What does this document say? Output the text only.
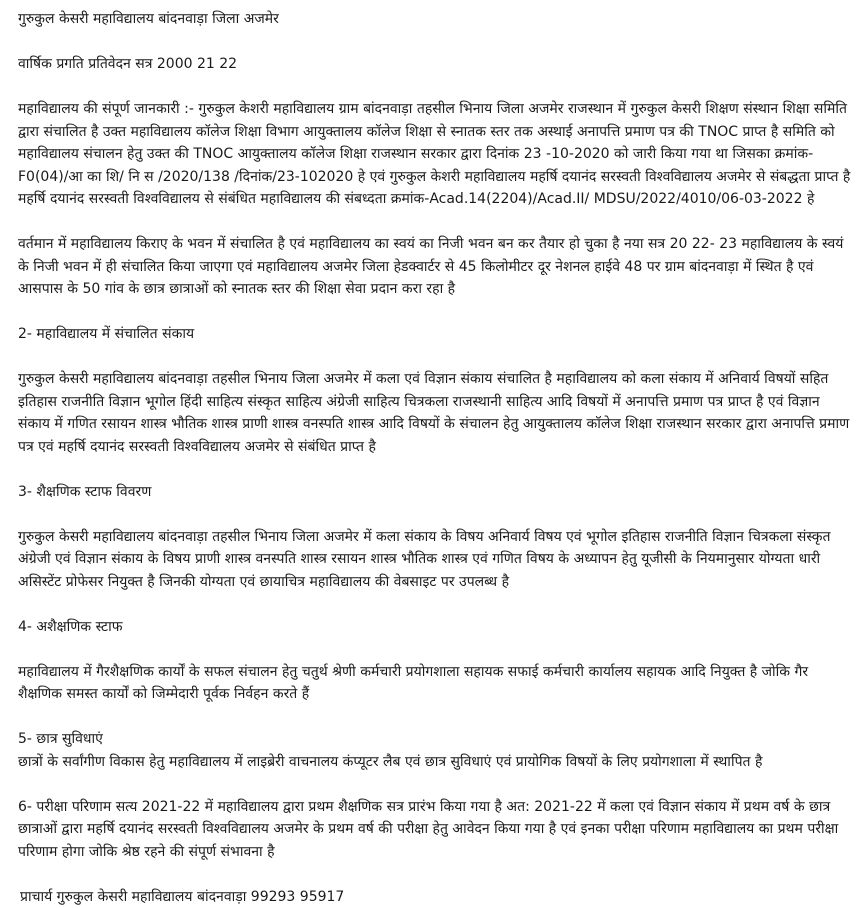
गुरुकुल केसरी महाविद्यालय बांदनवाड़ा जिला अजमेर

वार्षिक प्रगति प्रतिवेदन सत्र 2000 21 22

महाविद्यालय की संपूर्ण जानकारी :- गुरुकुल केशरी महाविद्यालय ग्राम बांदनवाड़ा तहसील भिनाय जिला अजमेर राजस्थान में गुरुकुल केसरी शिक्षण संस्थान शिक्षा समिति द्वारा संचालित है उक्त महाविद्यालय कॉलेज शिक्षा विभाग आयुक्तालय कॉलेज शिक्षा से स्नातक स्तर तक अस्थाई अनापत्ति प्रमाण पत्र की TNOC प्राप्त है समिति को महाविद्यालय संचालन हेतु उक्त की TNOC आयुक्तालय कॉलेज शिक्षा राजस्थान सरकार द्वारा दिनांक 23 -10-2020 को जारी किया गया था जिसका क्रमांक- F0(04)/आ का शि/ नि स /2020/138 /दिनांक/23-102020 हे एवं गुरुकुल केशरी महाविद्यालय महर्षि दयानंद सरस्वती विश्वविद्यालय अजमेर से संबद्धता प्राप्त है महर्षि दयानंद सरस्वती विश्वविद्यालय से संबंधित महाविद्यालय की संबध्दता क्रमांक-Acad.14(2204)/Acad.II/ MDSU/2022/4010/06-03-2022 हे

वर्तमान में महाविद्यालय किराए के भवन में संचालित है एवं महाविद्यालय का स्वयं का निजी भवन बन कर तैयार हो चुका है नया सत्र 20 22- 23 महाविद्यालय के स्वयं के निजी भवन में ही संचालित किया जाएगा एवं महाविद्यालय अजमेर जिला हेडक्वार्टर से 45 किलोमीटर दूर नेशनल हाईवे 48 पर ग्राम बांदनवाड़ा में स्थित है एवं आसपास के 50 गांव के छात्र छात्राओं को स्नातक स्तर की शिक्षा सेवा प्रदान करा रहा है

2- महाविद्यालय में संचालित संकाय

गुरुकुल केसरी महाविद्यालय बांदनवाड़ा तहसील भिनाय जिला अजमेर में कला एवं विज्ञान संकाय संचालित है महाविद्यालय को कला संकाय में अनिवार्य विषयों सहित इतिहास राजनीति विज्ञान भूगोल हिंदी साहित्य संस्कृत साहित्य अंग्रेजी साहित्य चित्रकला राजस्थानी साहित्य आदि विषयों में अनापत्ति प्रमाण पत्र प्राप्त है एवं विज्ञान संकाय में गणित रसायन शास्त्र भौतिक शास्त्र प्राणी शास्त्र वनस्पति शास्त्र आदि विषयों के संचालन हेतु आयुक्तालय कॉलेज शिक्षा राजस्थान सरकार द्वारा अनापत्ति प्रमाण पत्र एवं महर्षि दयानंद सरस्वती विश्वविद्यालय अजमेर से संबंधित प्राप्त है

3- शैक्षणिक स्टाफ विवरण

गुरुकुल केसरी महाविद्यालय बांदनवाड़ा तहसील भिनाय जिला अजमेर में कला संकाय के विषय अनिवार्य विषय एवं भूगोल इतिहास राजनीति विज्ञान चित्रकला संस्कृत अंग्रेजी एवं विज्ञान संकाय के विषय प्राणी शास्त्र वनस्पति शास्त्र रसायन शास्त्र भौतिक शास्त्र एवं गणित विषय के अध्यापन हेतु यूजीसी के नियमानुसार योग्यता धारी असिस्टेंट प्रोफेसर नियुक्त है जिनकी योग्यता एवं छायाचित्र महाविद्यालय की वेबसाइट पर उपलब्ध है

4- अशैक्षणिक स्टाफ

महाविद्यालय में गैरशैक्षणिक कार्यों के सफल संचालन हेतु चतुर्थ श्रेणी कर्मचारी प्रयोगशाला सहायक सफाई कर्मचारी कार्यालय सहायक आदि नियुक्त है जोकि गैर शैक्षणिक समस्त कार्यों को जिम्मेदारी पूर्वक निर्वहन करते हैं

5- छात्र सुविधाएं

छात्रों के सर्वांगीण विकास हेतु महाविद्यालय में लाइब्रेरी वाचनालय कंप्यूटर लैब एवं छात्र सुविधाएं एवं प्रायोगिक विषयों के लिए प्रयोगशाला में स्थापित है

6- परीक्षा परिणाम सत्य 2021-22 में महाविद्यालय द्वारा प्रथम शैक्षणिक सत्र प्रारंभ किया गया है अत: 2021-22 में कला एवं विज्ञान संकाय में प्रथम वर्ष के छात्र छात्राओं द्वारा महर्षि दयानंद सरस्वती विश्वविद्यालय अजमेर के प्रथम वर्ष की परीक्षा हेतु आवेदन किया गया है एवं इनका परीक्षा परिणाम महाविद्यालय का प्रथम परीक्षा परिणाम होगा जोकि श्रेष्ठ रहने की संपूर्ण संभावना है

प्राचार्य गुरुकुल केसरी महाविद्यालय बांदनवाड़ा 99293 95917
